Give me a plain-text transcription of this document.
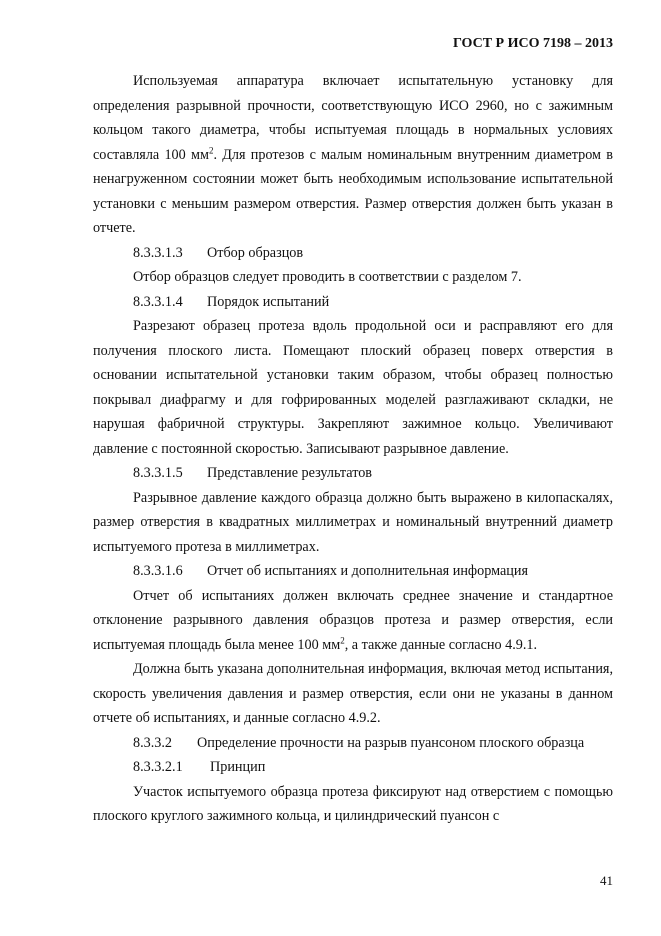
ГОСТ Р ИСО 7198 – 2013

Используемая аппаратура включает испытательную установку для определения разрывной прочности, соответствующую ИСО 2960, но с зажимным кольцом такого диаметра, чтобы испытуемая площадь в нормальных условиях составляла 100 $мм^2$. Для протезов с малым номинальным внутренним диаметром в ненагруженном состоянии может быть необходимым использование испытательной установки с меньшим размером отверстия. Размер отверстия должен быть указан в отчете.

8.3.3.1.3 Отбор образцов

Отбор образцов следует проводить в соответствии с разделом 7.

8.3.3.1.4 Порядок испытаний

Разрезают образец протеза вдоль продольной оси и расправляют его для получения плоского листа. Помещают плоский образец поверх отверстия в основании испытательной установки таким образом, чтобы образец полностью покрывал диафрагму и для гофрированных моделей разглаживают складки, не нарушая фабричной структуры. Закрепляют зажимное кольцо. Увеличивают давление с постоянной скоростью. Записывают разрывное давление.

8.3.3.1.5 Представление результатов

Разрывное давление каждого образца должно быть выражено в килопаскалях, размер отверстия в квадратных миллиметрах и номинальный внутренний диаметр испытуемого протеза в миллиметрах.

8.3.3.1.6 Отчет об испытаниях и дополнительная информация

Отчет об испытаниях должен включать среднее значение и стандартное отклонение разрывного давления образцов протеза и размер отверстия, если испытуемая площадь была менее 100 $мм^2$, а также данные согласно 4.9.1.

Должна быть указана дополнительная информация, включая метод испытания, скорость увеличения давления и размер отверстия, если они не указаны в данном отчете об испытаниях, и данные согласно 4.9.2.

8.3.3.2 Определение прочности на разрыв пуансоном плоского образца

8.3.3.2.1 Принцип

Участок испытуемого образца протеза фиксируют над отверстием с помощью плоского круглого зажимного кольца, и цилиндрический пуансон с

41
